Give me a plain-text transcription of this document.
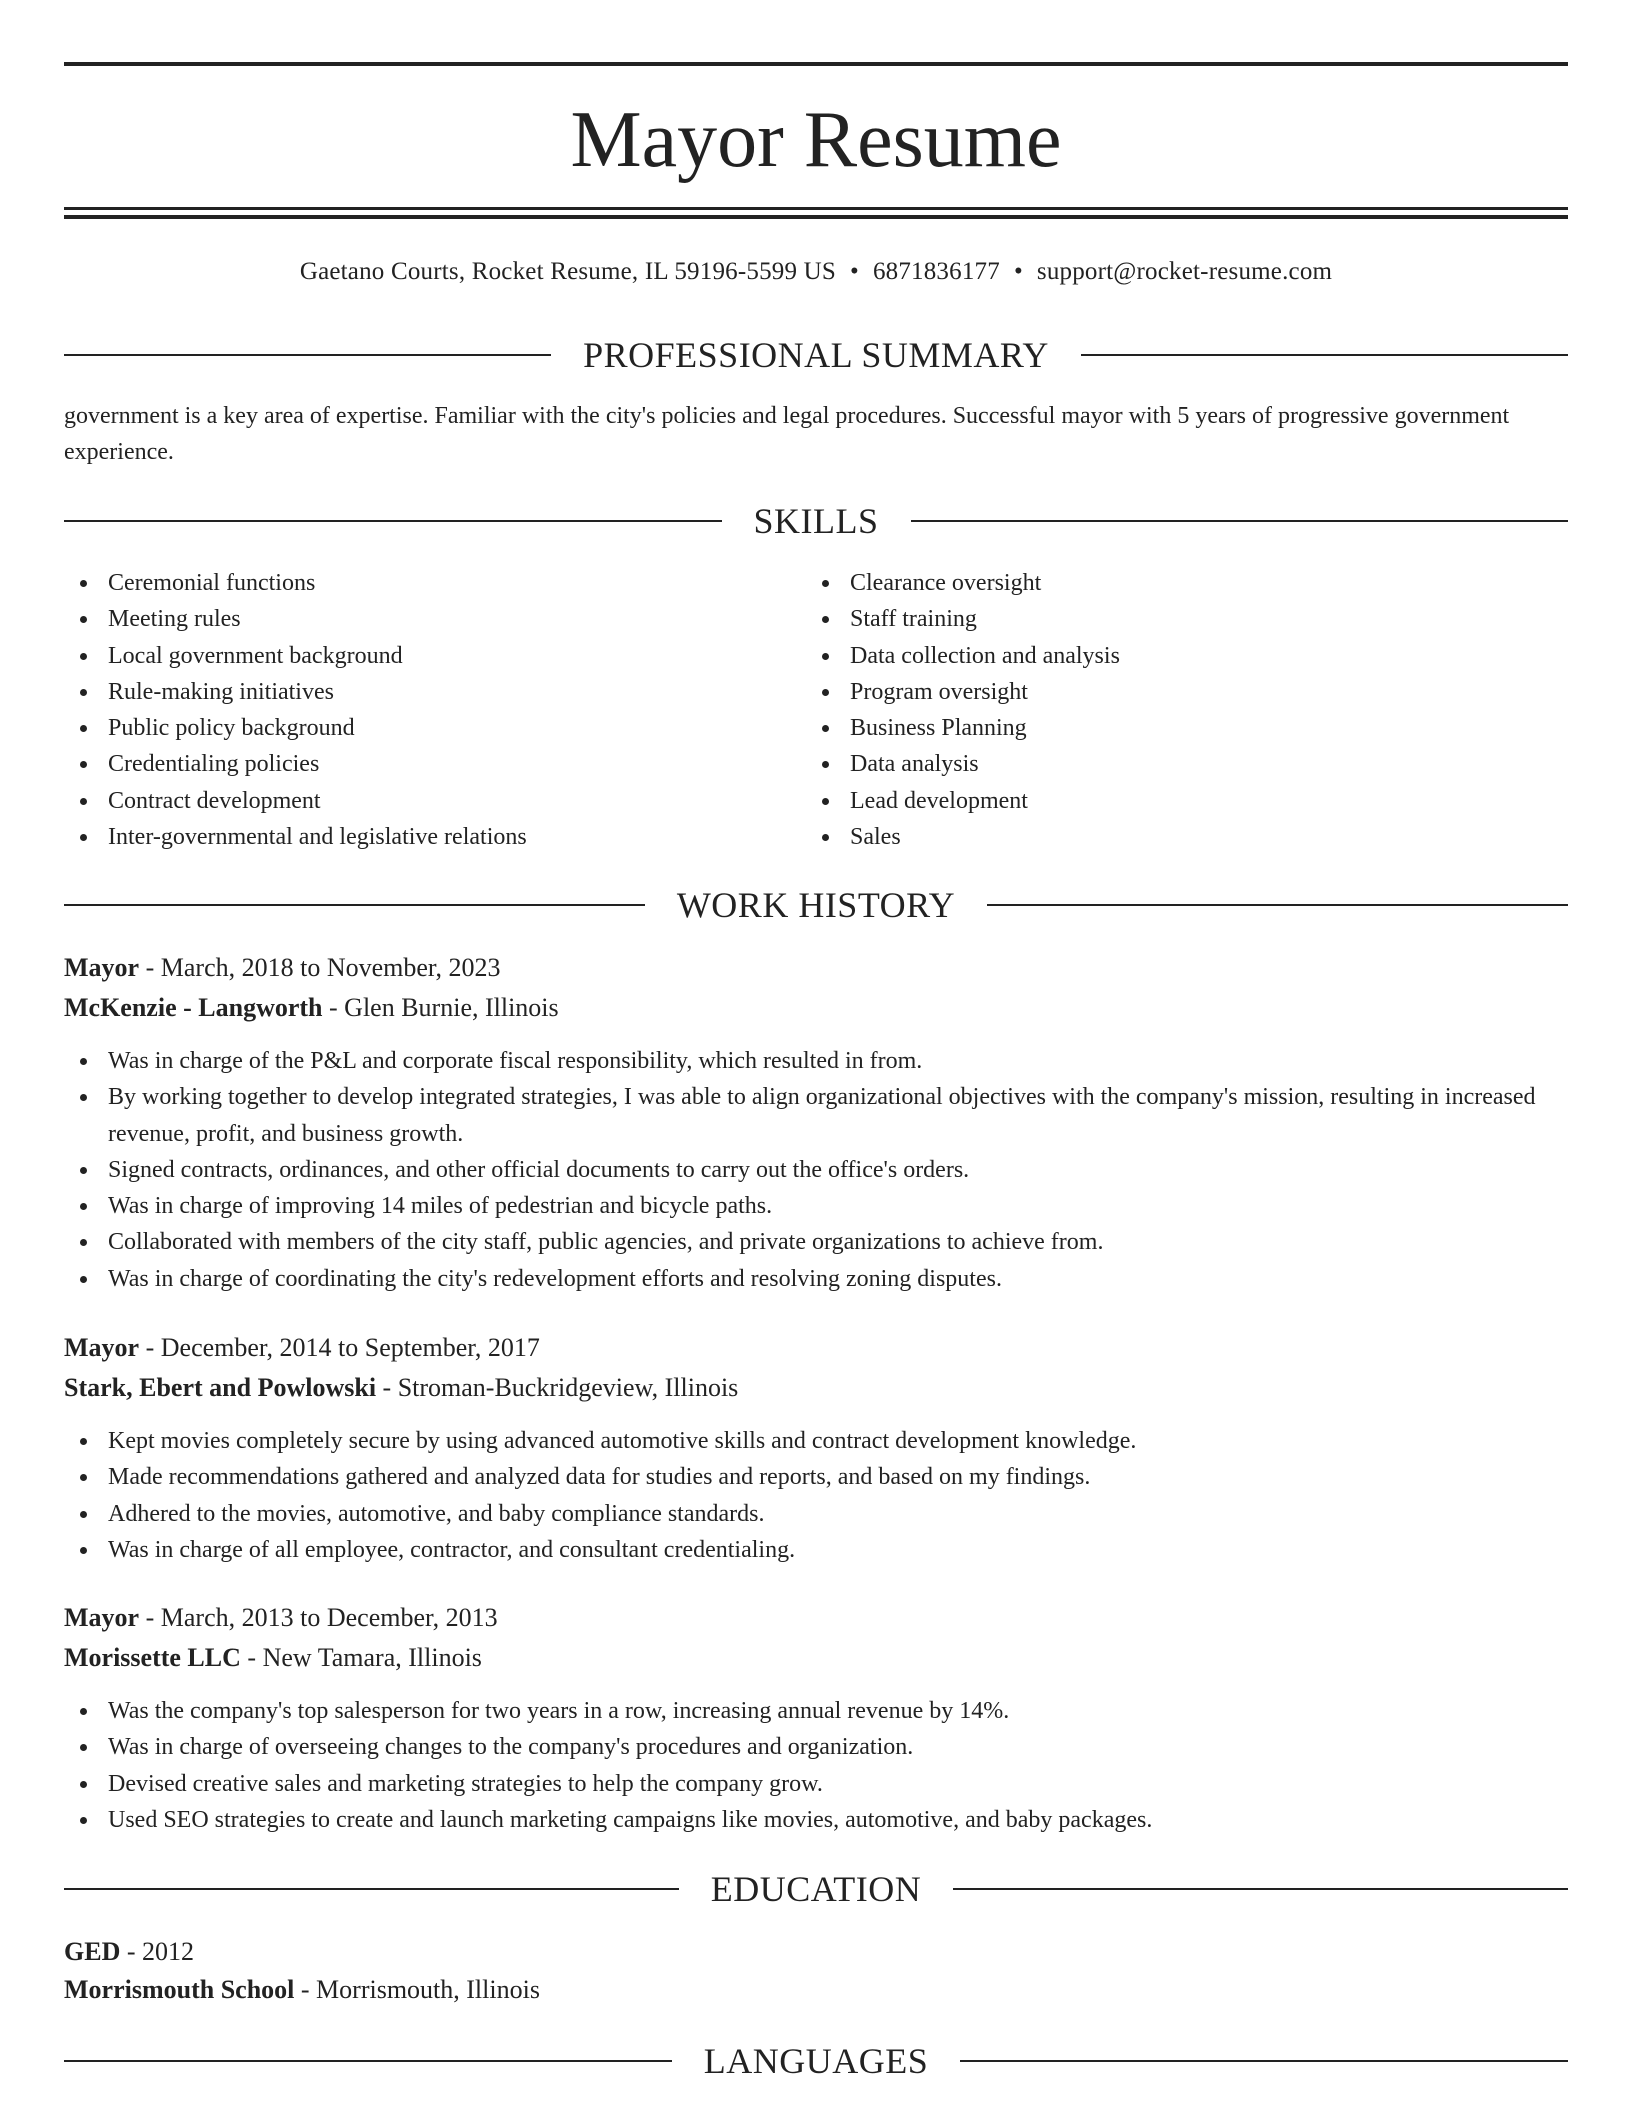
Mayor Resume
Gaetano Courts, Rocket Resume, IL 59196-5599 US • 6871836177 • support@rocket-resume.com
PROFESSIONAL SUMMARY

government is a key area of expertise. Familiar with the city's policies and legal procedures. Successful mayor with 5 years of progressive government experience.

SKILLS
Ceremonial functions
Meeting rules
Local government background
Rule-making initiatives
Public policy background
Credentialing policies
Contract development
Inter-governmental and legislative relations
Clearance oversight
Staff training
Data collection and analysis
Program oversight
Business Planning
Data analysis
Lead development
Sales
WORK HISTORY
Mayor - March, 2018 to November, 2023
McKenzie - Langworth - Glen Burnie, Illinois
Was in charge of the P&L and corporate fiscal responsibility, which resulted in from.
By working together to develop integrated strategies, I was able to align organizational objectives with the company's mission, resulting in increased revenue, profit, and business growth.
Signed contracts, ordinances, and other official documents to carry out the office's orders.
Was in charge of improving 14 miles of pedestrian and bicycle paths.
Collaborated with members of the city staff, public agencies, and private organizations to achieve from.
Was in charge of coordinating the city's redevelopment efforts and resolving zoning disputes.
Mayor - December, 2014 to September, 2017
Stark, Ebert and Powlowski - Stroman-Buckridgeview, Illinois
Kept movies completely secure by using advanced automotive skills and contract development knowledge.
Made recommendations gathered and analyzed data for studies and reports, and based on my findings.
Adhered to the movies, automotive, and baby compliance standards.
Was in charge of all employee, contractor, and consultant credentialing.
Mayor - March, 2013 to December, 2013
Morissette LLC - New Tamara, Illinois
Was the company's top salesperson for two years in a row, increasing annual revenue by 14%.
Was in charge of overseeing changes to the company's procedures and organization.
Devised creative sales and marketing strategies to help the company grow.
Used SEO strategies to create and launch marketing campaigns like movies, automotive, and baby packages.
EDUCATION
GED - 2012
Morrismouth School - Morrismouth, Illinois
LANGUAGES
